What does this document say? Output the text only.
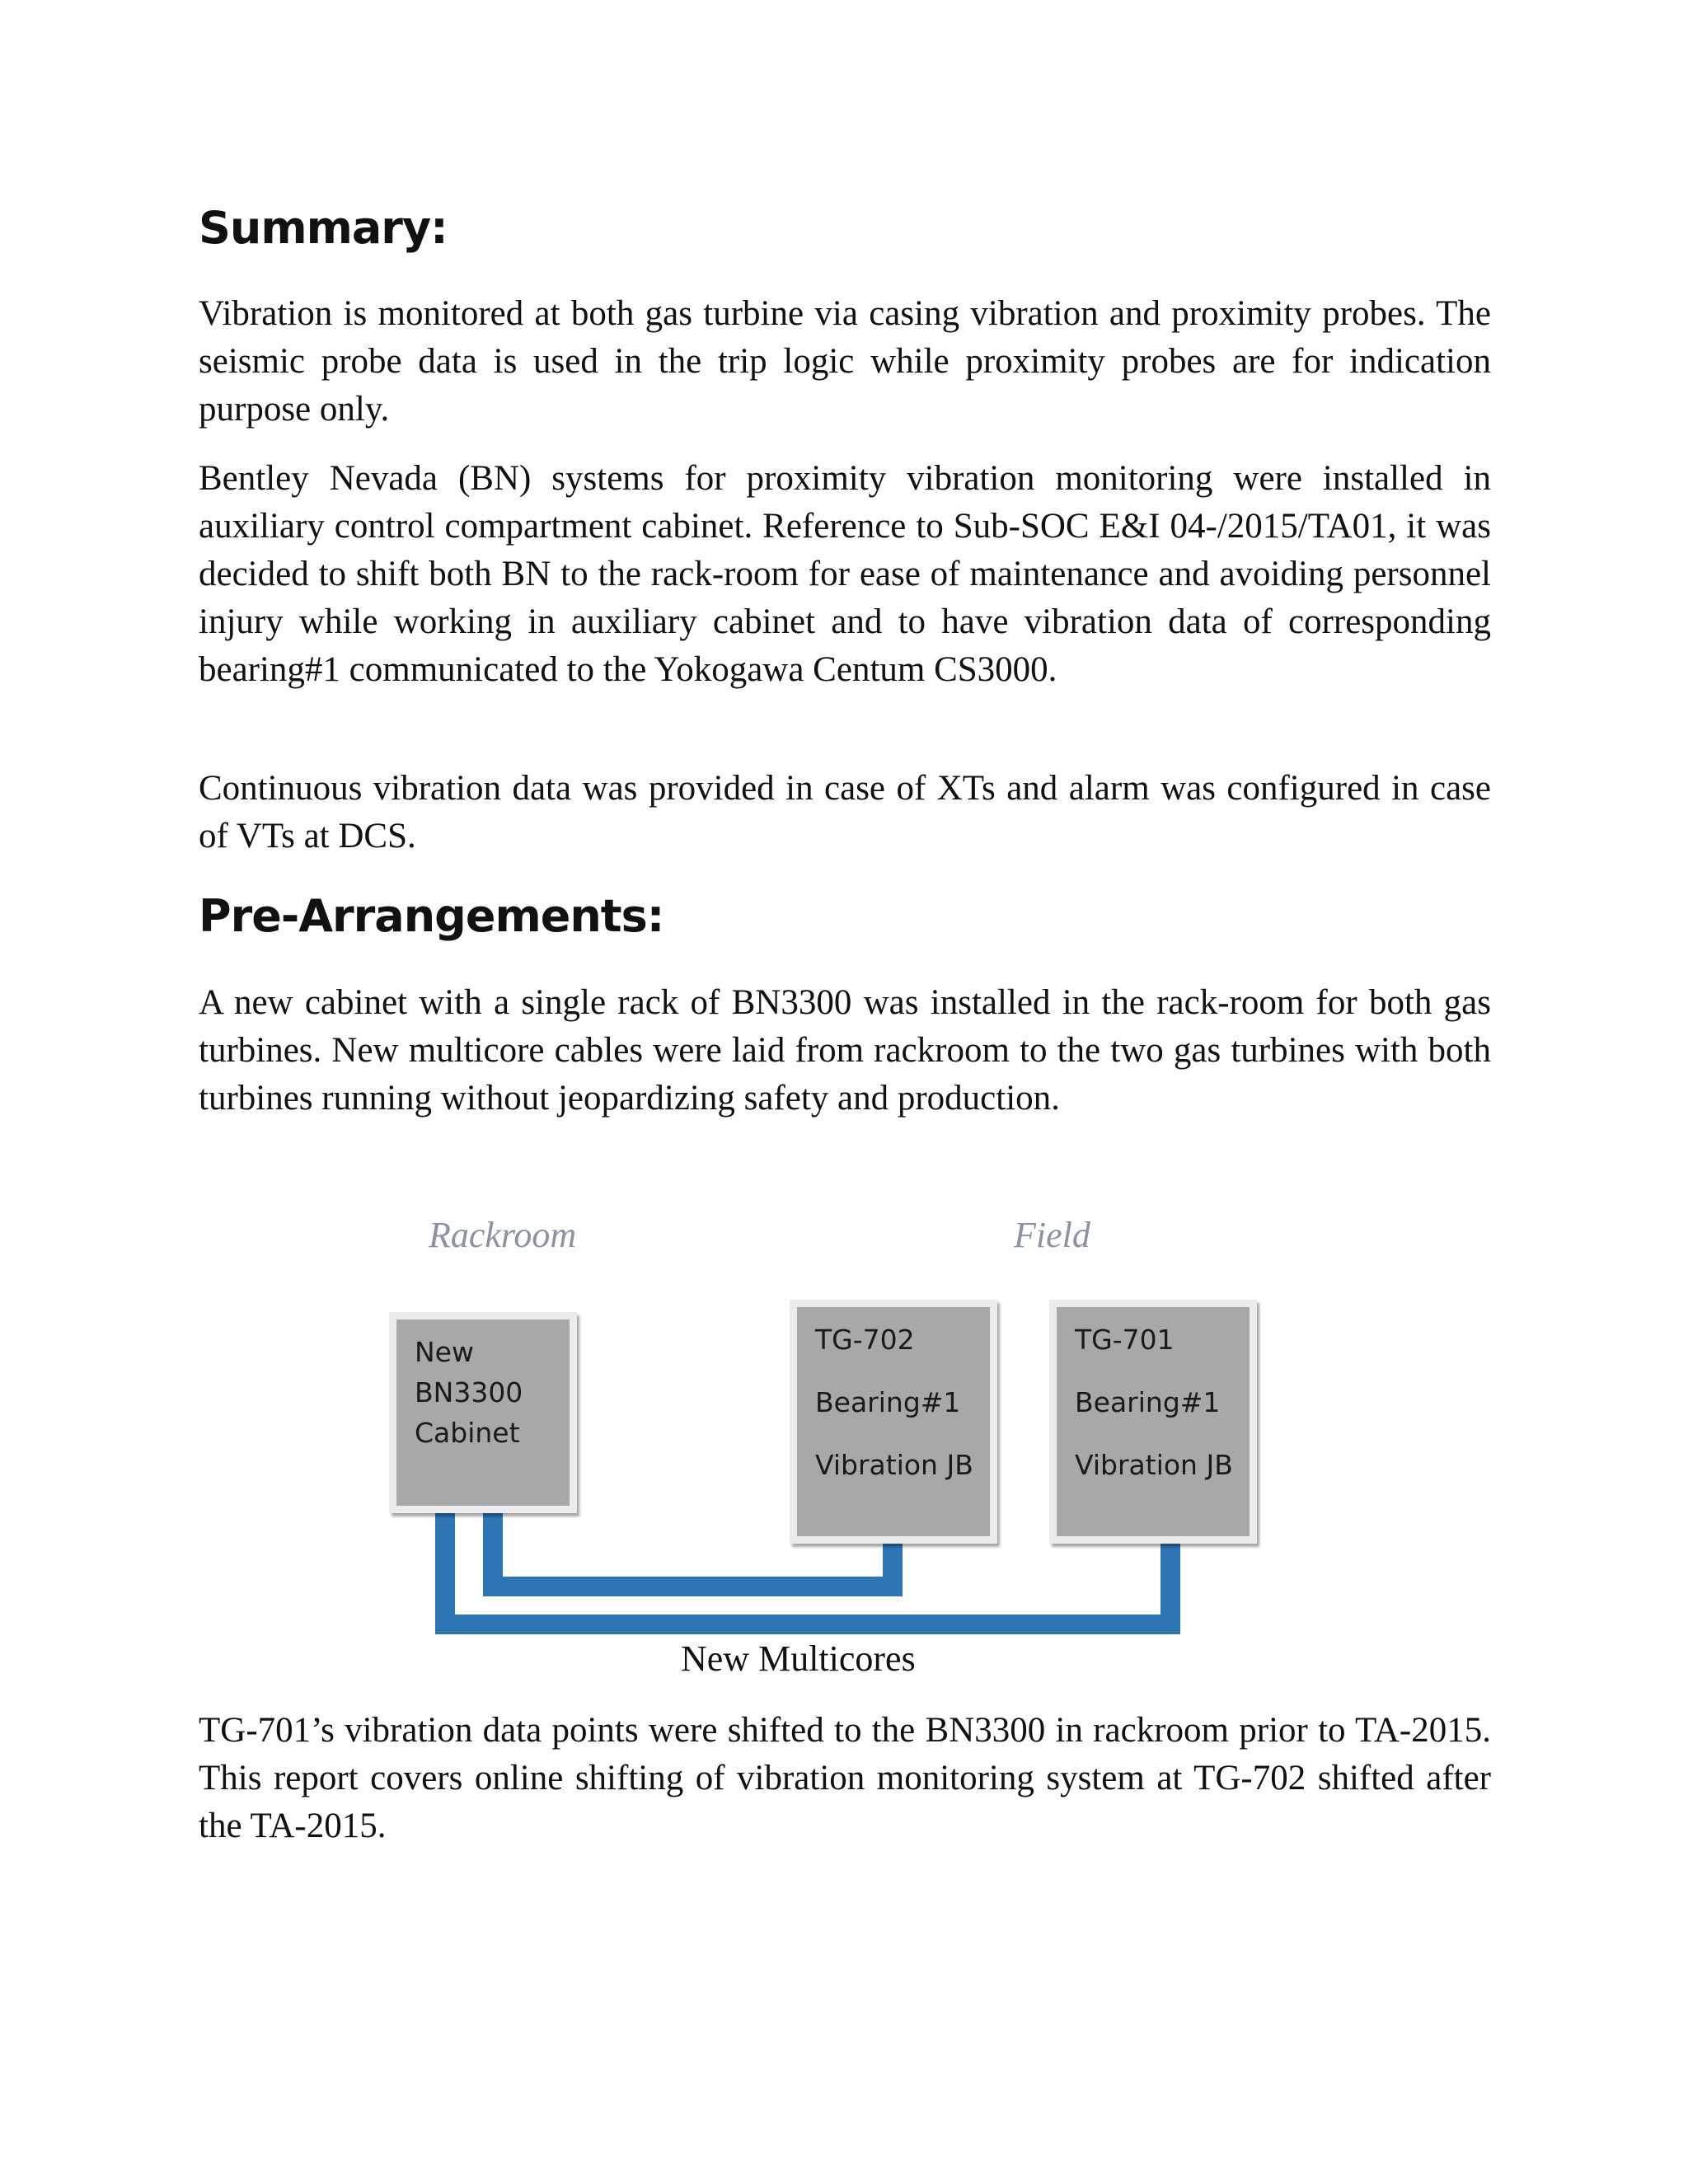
Summary:

Vibration is monitored at both gas turbine via casing vibration and proximity probes. The seismic probe data is used in the trip logic while proximity probes are for indication purpose only.

Bentley Nevada (BN) systems for proximity vibration monitoring were installed in auxiliary control compartment cabinet. Reference to Sub-SOC E&I 04-/2015/TA01, it was decided to shift both BN to the rack-room for ease of maintenance and avoiding personnel injury while working in auxiliary cabinet and to have vibration data of corresponding bearing#1 communicated to the Yokogawa Centum CS3000.

Continuous vibration data was provided in case of XTs and alarm was configured in case of VTs at DCS.

Pre-Arrangements:

A new cabinet with a single rack of BN3300 was installed in the rack-room for both gas turbines. New multicore cables were laid from rackroom to the two gas turbines with both turbines running without jeopardizing safety and production.

Rackroom	Field

New
BN3300
Cabinet
TG-702
Bearing#1
Vibration JB
TG-701
Bearing#1
Vibration JB

New Multicores

TG-701’s vibration data points were shifted to the BN3300 in rackroom prior to TA-2015. This report covers online shifting of vibration monitoring system at TG-702 shifted after the TA-2015.
